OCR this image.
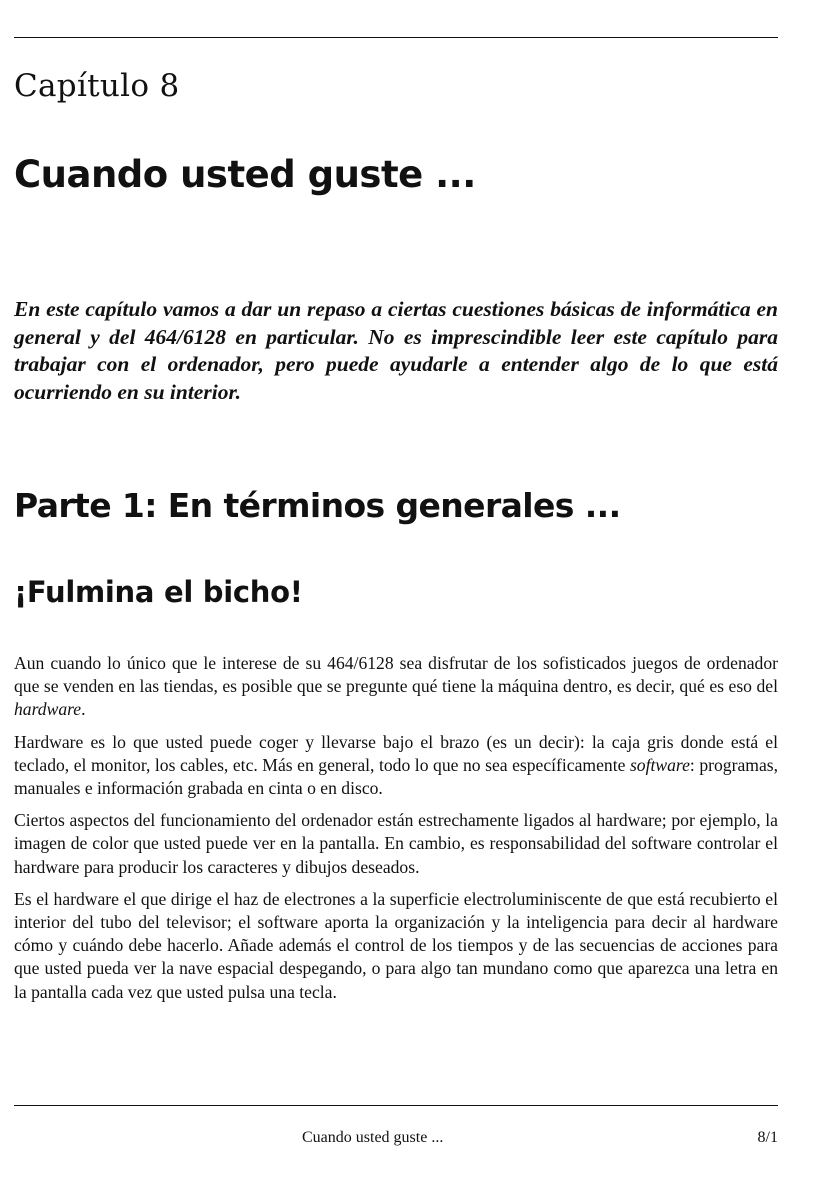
Capítulo 8
Cuando usted guste ...

En este capítulo vamos a dar un repaso a ciertas cuestiones básicas de informática en general y del 464/6128 en particular. No es imprescindible leer este capítulo para trabajar con el ordenador, pero puede ayudarle a entender algo de lo que está ocurriendo en su interior.

Parte 1: En términos generales ...
¡Fulmina el bicho!

Aun cuando lo único que le interese de su 464/6128 sea disfrutar de los sofisticados juegos de ordenador que se venden en las tiendas, es posible que se pregunte qué tiene la máquina dentro, es decir, qué es eso del hardware.

Hardware es lo que usted puede coger y llevarse bajo el brazo (es un decir): la caja gris donde está el teclado, el monitor, los cables, etc. Más en general, todo lo que no sea específicamente software: programas, manuales e información grabada en cinta o en disco.

Ciertos aspectos del funcionamiento del ordenador están estrechamente ligados al hardware; por ejemplo, la imagen de color que usted puede ver en la pantalla. En cambio, es responsabilidad del software controlar el hardware para producir los caracteres y dibujos deseados.

Es el hardware el que dirige el haz de electrones a la superficie electroluminiscente de que está recubierto el interior del tubo del televisor; el software aporta la organización y la inteligencia para decir al hardware cómo y cuándo debe hacerlo. Añade además el control de los tiempos y de las secuencias de acciones para que usted pueda ver la nave espacial despegando, o para algo tan mundano como que aparezca una letra en la pantalla cada vez que usted pulsa una tecla.

Cuando usted guste ...	8/1
